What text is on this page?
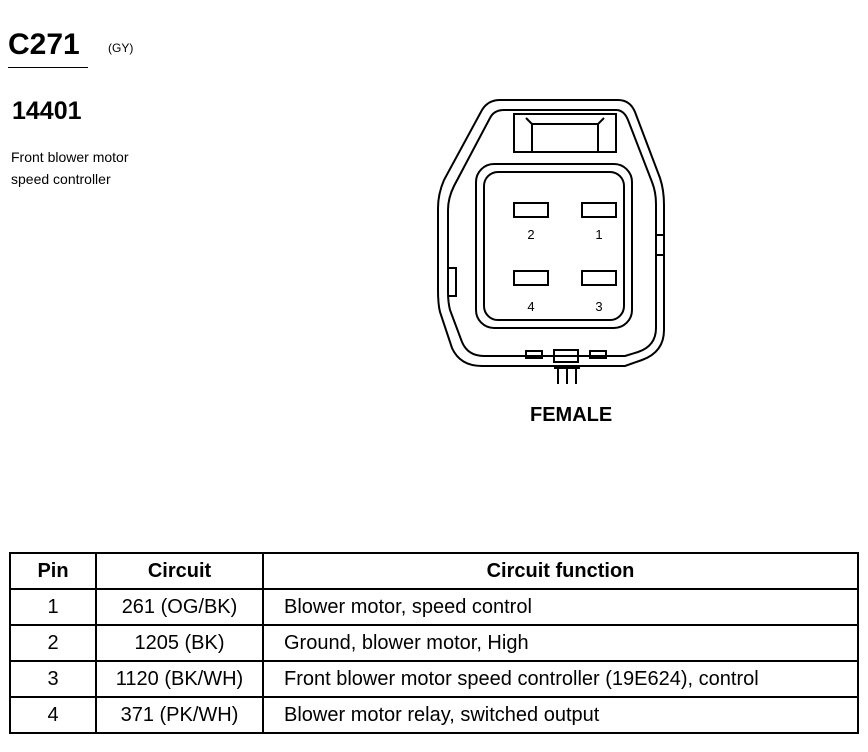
C271 (GY)
14401
Front blower motor
speed controller
2	1
4	3
FEMALE
Pin	Circuit	Circuit function
1	261 (OG/BK)	Blower motor, speed control
2	1205 (BK)	Ground, blower motor, High
3	1120 (BK/WH)	Front blower motor speed controller (19E624), control
4	371 (PK/WH)	Blower motor relay, switched output
